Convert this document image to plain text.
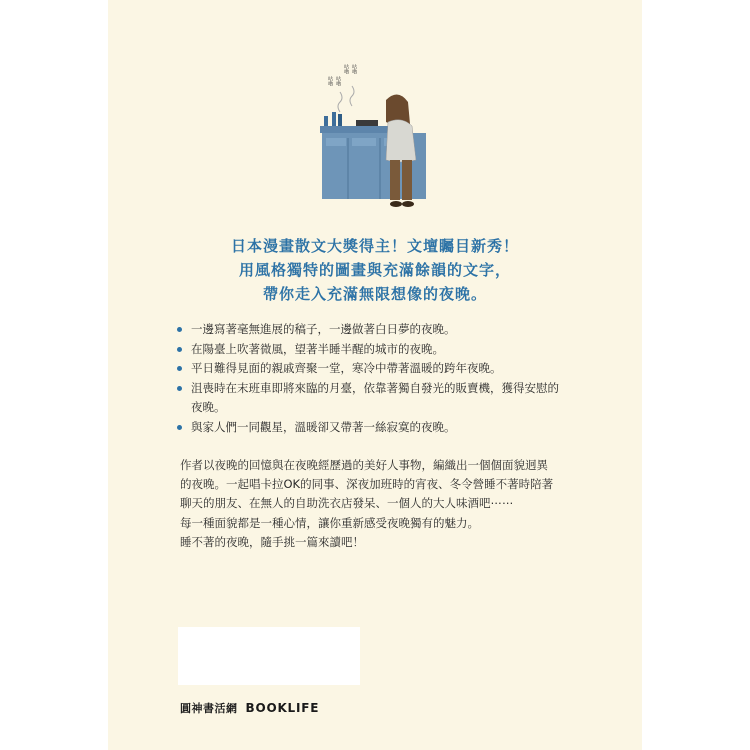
咕嚕 咕嚕
咕嚕 咕嚕
日本漫畫散文大獎得主！文壇矚目新秀！
用風格獨特的圖畫與充滿餘韻的文字，
帶你走入充滿無限想像的夜晚。
一邊寫著毫無進展的稿子，一邊做著白日夢的夜晚。
在陽臺上吹著微風，望著半睡半醒的城市的夜晚。
平日難得見面的親戚齊聚一堂，寒冷中帶著溫暖的跨年夜晚。
沮喪時在末班車即將來臨的月臺，依靠著獨自發光的販賣機，獲得安慰的
夜晚。
與家人們一同觀星，溫暖卻又帶著一絲寂寞的夜晚。
作者以夜晚的回憶與在夜晚經歷過的美好人事物，編織出一個個面貌迥異
的夜晚。一起唱卡拉OK的同事、深夜加班時的宵夜、冬令營睡不著時陪著
聊天的朋友、在無人的自助洗衣店發呆、一個人的大人味酒吧⋯⋯
每一種面貌都是一種心情，讓你重新感受夜晚獨有的魅力。
睡不著的夜晚，隨手挑一篇來讀吧！
圓神書活網 BOOKLIFE
